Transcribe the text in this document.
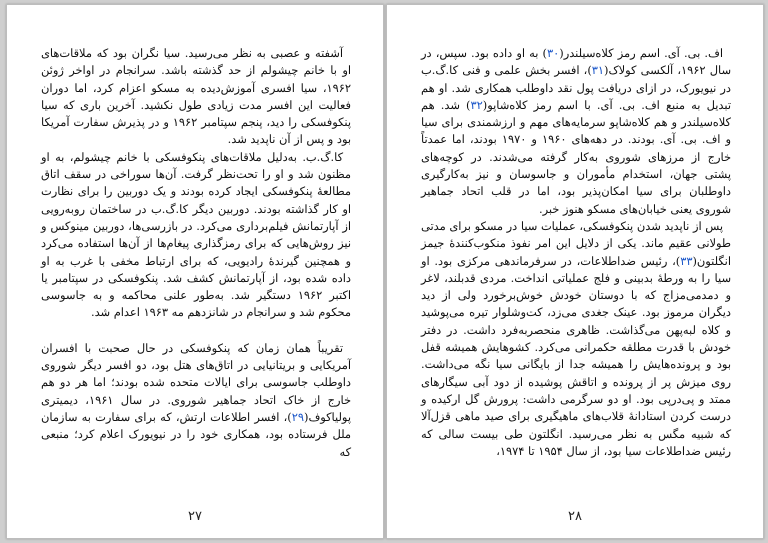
آشفته و عصبی به نظر می‌رسید. سیا نگران بود که ملاقات‌های او با خانم چیشولم از حد گذشته باشد. سرانجام در اواخر ژوئن ۱۹۶۲، سیا افسری آموزش‌دیده به مسکو اعزام کرد، اما دوران فعالیت این افسر مدت زیادی طول نکشید. آخرین باری که سیا پنکوفسکی را دید، پنجم سپتامبر ۱۹۶۲ و در پذیرش سفارت آمریکا بود و پس از آن ناپدید شد.

کا.گ.ب. به‌دلیل ملاقات‌های پنکوفسکی با خانم چیشولم، به او مظنون شد و او را تحت‌نظر گرفت. آن‌ها سوراخی در سقف اتاق مطالعهٔ پنکوفسکی ایجاد کرده بودند و یک دوربین را برای نظارت او کار گذاشته بودند. دوربین دیگر کا.گ.ب در ساختمان روبه‌رویی از آپارتمانش فیلم‌برداری می‌کرد. در بازرسی‌ها، دوربین مینوکس و نیز روش‌هایی که برای رمزگذاری پیغام‌ها از آن‌ها استفاده می‌کرد و همچنین گیرندهٔ رادیویی، که برای ارتباط مخفی با غرب به او داده شده بود، از آپارتمانش کشف شد. پنکوفسکی در سپتامبر یا اکتبر ۱۹۶۲ دستگیر شد. به‌طور علنی محاکمه و به جاسوسی محکوم شد و سرانجام در شانزدهم مه ۱۹۶۳ اعدام شد.

تقریباً همان زمان که پنکوفسکی در حال صحبت با افسران آمریکایی و بریتانیایی در اتاق‌های هتل بود، دو افسر دیگر شوروی داوطلب جاسوسی برای ایالات متحده شده بودند؛ اما هر دو هم خارج از خاک اتحاد جماهیر شوروی. در سال ۱۹۶۱، دیمیتری پولیاکوف(۲۹)، افسر اطلاعات ارتش، که برای سفارت به سازمان ملل فرستاده بود، همکاری خود را در نیویورک اعلام کرد؛ منبعی که

۲۷

اف. بی. آی. اسم رمز کلاه‌سیلندر(۳۰) به او داده بود. سپس، در سال ۱۹۶۲، آلکسی کولاک(۳۱)، افسر بخش علمی و فنی کا.گ.ب در نیویورک، در ازای دریافت پول نقد داوطلب همکاری شد. او هم تبدیل به منبع اف. بی. آی. با اسم رمز کلاه‌شاپو(۳۲) شد. هم کلاه‌سیلندر و هم کلاه‌شاپو سرمایه‌های مهم و ارزشمندی برای سیا و اف. بی. آی. بودند. در دهه‌های ۱۹۶۰ و ۱۹۷۰ بودند، اما عمدتاً خارج از مرزهای شوروی به‌کار گرفته می‌شدند. در کوچه‌های پشتی جهان، استخدام مأموران و جاسوسان و نیز به‌کارگیری داوطلبان برای سیا امکان‌پذیر بود، اما در قلب اتحاد جماهیر شوروی یعنی خیابان‌های مسکو هنوز خبر.

پس از ناپدید شدن پنکوفسکی، عملیات سیا در مسکو برای مدتی طولانی عقیم ماند. یکی از دلایل این امر نفوذ منکوب‌کنندهٔ جیمز انگلتون(۳۳)، رئیس ضداطلاعات، در سرفرماندهی مرکزی بود. او سیا را به ورطهٔ بدبینی و فلج عملیاتی انداخت. مردی قدبلند، لاغر و دمدمی‌مزاج که با دوستان خودش خوش‌برخورد ولی از دید دیگران مرموز بود. عینک جغدی می‌زد، کت‌وشلوار تیره می‌پوشید و کلاه لبه‌پهن می‌گذاشت. ظاهری منحصربه‌فرد داشت. در دفتر خودش با قدرت مطلقه حکمرانی می‌کرد. کشوهایش همیشه قفل بود و پرونده‌هایش را همیشه جدا از بایگانی سیا نگه می‌داشت. روی میزش پر از پرونده و اتاقش پوشیده از دود آبی سیگارهای ممتد و پی‌درپی بود. او دو سرگرمی داشت: پرورش گل ارکیده و درست کردن استادانهٔ قلاب‌های ماهیگیری برای صید ماهی قزل‌آلا که شبیه مگس به نظر می‌رسید. انگلتون طی بیست سالی که رئیس ضداطلاعات سیا بود، از سال ۱۹۵۴ تا ۱۹۷۴،

۲۸
